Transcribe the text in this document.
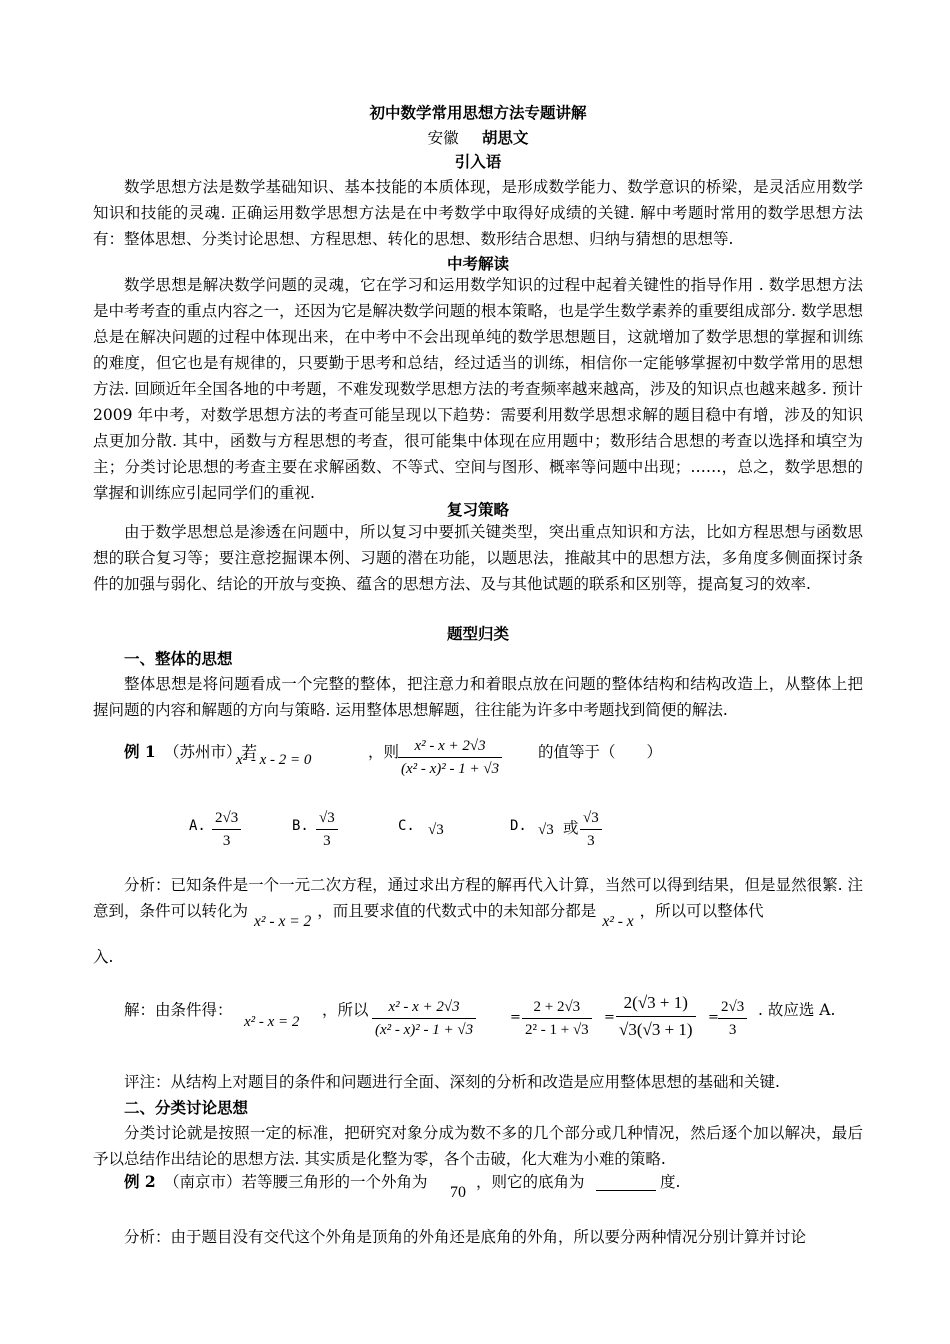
初中数学常用思想方法专题讲解

安徽   胡思文

引入语

数学思想方法是数学基础知识、基本技能的本质体现，是形成数学能力、数学意识的桥梁，是灵活应用数学知识和技能的灵魂. 正确运用数学思想方法是在中考数学中取得好成绩的关键. 解中考题时常用的数学思想方法有：整体思想、分类讨论思想、方程思想、转化的思想、数形结合思想、归纳与猜想的思想等.

中考解读

数学思想是解决数学问题的灵魂，它在学习和运用数学知识的过程中起着关键性的指导作用 . 数学思想方法是中考考查的重点内容之一，还因为它是解决数学问题的根本策略，也是学生数学素养的重要组成部分. 数学思想总是在解决问题的过程中体现出来，在中考中不会出现单纯的数学思想题目，这就增加了数学思想的掌握和训练的难度，但它也是有规律的，只要勤于思考和总结，经过适当的训练，相信你一定能够掌握初中数学常用的思想方法. 回顾近年全国各地的中考题，不难发现数学思想方法的考查频率越来越高，涉及的知识点也越来越多. 预计 2009 年中考，对数学思想方法的考查可能呈现以下趋势：需要利用数学思想求解的题目稳中有增，涉及的知识点更加分散. 其中，函数与方程思想的考查，很可能集中体现在应用题中；数形结合思想的考查以选择和填空为主；分类讨论思想的考查主要在求解函数、不等式、空间与图形、概率等问题中出现；……，总之，数学思想的掌握和训练应引起同学们的重视.

复习策略

由于数学思想总是渗透在问题中，所以复习中要抓关键类型，突出重点知识和方法，比如方程思想与函数思想的联合复习等；要注意挖掘课本例、习题的潜在功能，以题思法，推敲其中的思想方法，多角度多侧面探讨条件的加强与弱化、结论的开放与变换、蕴含的思想方法、及与其他试题的联系和区别等，提高复习的效率.

题型归类

一、整体的思想

整体思想是将问题看成一个完整的整体，把注意力和着眼点放在问题的整体结构和结构改造上，从整体上把握问题的内容和解题的方向与策略. 运用整体思想解题，往往能为许多中考题找到简便的解法.

例 1 （苏州市）若
x² - x - 2 = 0	，则
$\frac{\text{x² - x + 2√3}}{\text{(x² - x)² - 1 + √3}}$ 的值等于（　　）
A. $\frac{2√3}{3}$	B. $\frac{√3}{3}$	C. √3	D. √3 或 $\frac{√3}{3}$

分析：已知条件是一个一元二次方程，通过求出方程的解再代入计算，当然可以得到结果，但是显然很繁. 注意到，条件可以转化为x² - x = 2，而且要求值的代数式中的未知部分都是x² - x，所以可以整体代

入.
解：由条件得：
x² - x = 2
，所以 $\frac{\text{x² - x + 2√3}}{\text{(x² - x)² - 1 + √3}}$	= $\frac{2 + 2√3}{\text{2² - 1 + √3}} = \frac{2(√3 + 1)}{√3(√3 + 1)} = \frac{2√3}{3}$ . 故应选 A.
评注：从结构上对题目的条件和问题进行全面、深刻的分析和改造是应用整体思想的基础和关键.

二、分类讨论思想

分类讨论就是按照一定的标准，把研究对象分成为数不多的几个部分或几种情况，然后逐个加以解决，最后予以总结作出结论的思想方法. 其实质是化整为零，各个击破，化大难为小难的策略.

例 2 （南京市）若等腰三角形的一个外角为
70
，则它的底角为	度.
分析：由于题目没有交代这个外角是顶角的外角还是底角的外角，所以要分两种情况分别计算并讨论
